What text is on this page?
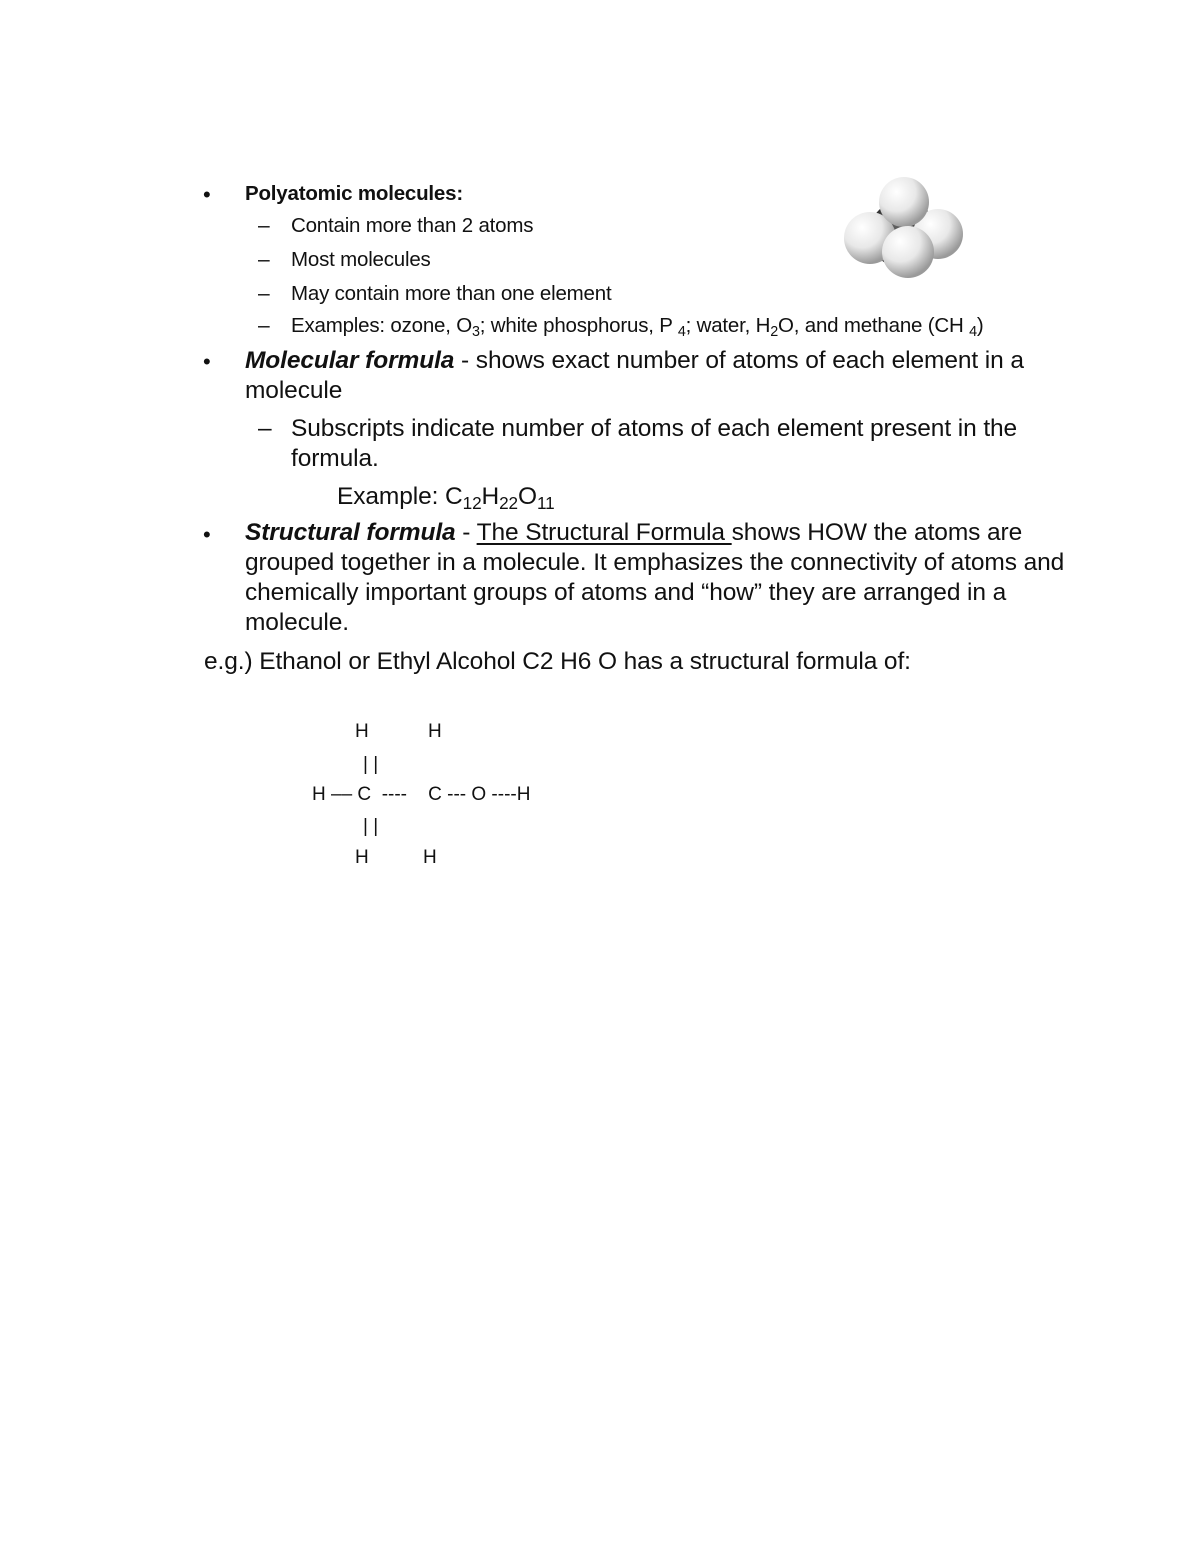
• Polyatomic molecules:
– Contain more than 2 atoms
– Most molecules
– May contain more than one element
– Examples: ozone, $O_3$; white phosphorus, P $_4$; water, $H_2O$, and methane (CH $_4$)
• Molecular formula - shows exact number of atoms of each element in a
molecule
– Subscripts indicate number of atoms of each element present in the
formula.
Example: $C_{12}H_{22}O_{11}$
• Structural formula - The Structural Formula shows HOW the atoms are
grouped together in a molecule. It emphasizes the connectivity of atoms and
chemically important groups of atoms and “how” they are arranged in a
molecule.
e.g.) Ethanol or Ethyl Alcohol C2 H6 O has a structural formula of:
H	H
| |
H –– C  ----    C --- O ----H
| |
H	H
